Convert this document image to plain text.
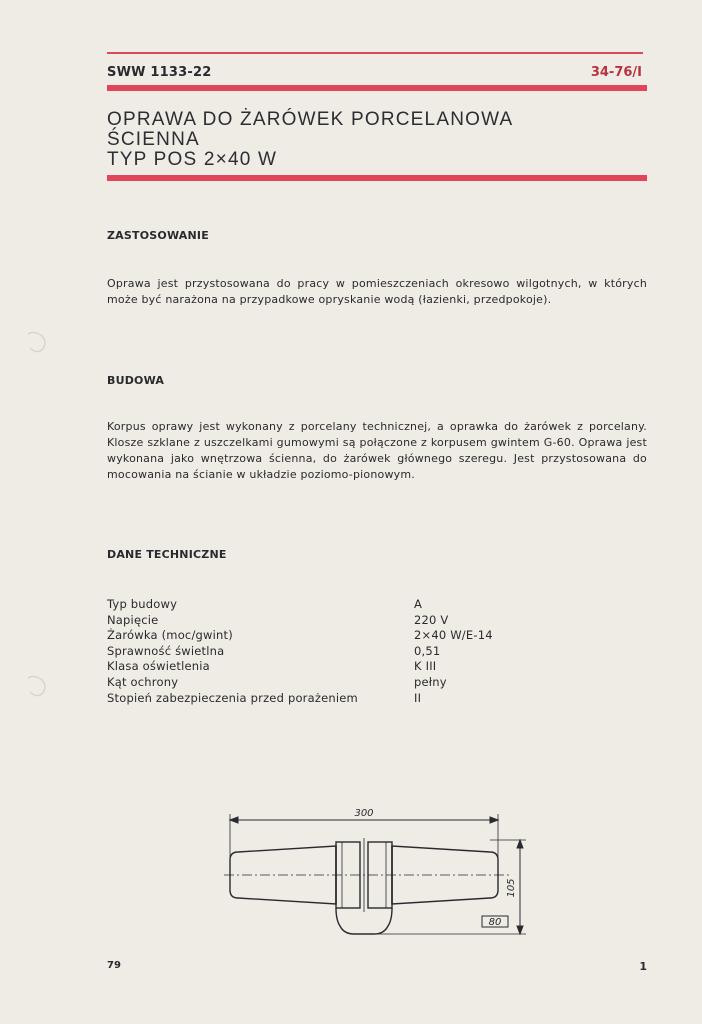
SWW 1133-22	34-76/I
OPRAWA DO ŻARÓWEK PORCELANOWA
ŚCIENNA
TYP POS 2×40 W
ZASTOSOWANIE
Oprawa jest przystosowana do pracy w pomieszczeniach okresowo wilgotnych, w których może być narażona na przypadkowe opryskanie wodą (łazienki, przedpokoje).
BUDOWA
Korpus oprawy jest wykonany z porcelany technicznej, a oprawka do żarówek z porcelany. Klosze szklane z uszczelkami gumowymi są połączone z korpusem gwintem G-60. Oprawa jest wykonana jako wnętrzowa ścienna, do żarówek głównego szeregu. Jest przystosowana do mocowania na ścianie w układzie poziomo-pionowym.
DANE TECHNICZNE
Typ budowy	A
Napięcie	220 V
Żarówka (moc/gwint)	2×40 W/E-14
Sprawność świetlna	0,51
Klasa oświetlenia	K III
Kąt ochrony	pełny
Stopień zabezpieczenia przed porażeniem	II
300
105
80
79	1
